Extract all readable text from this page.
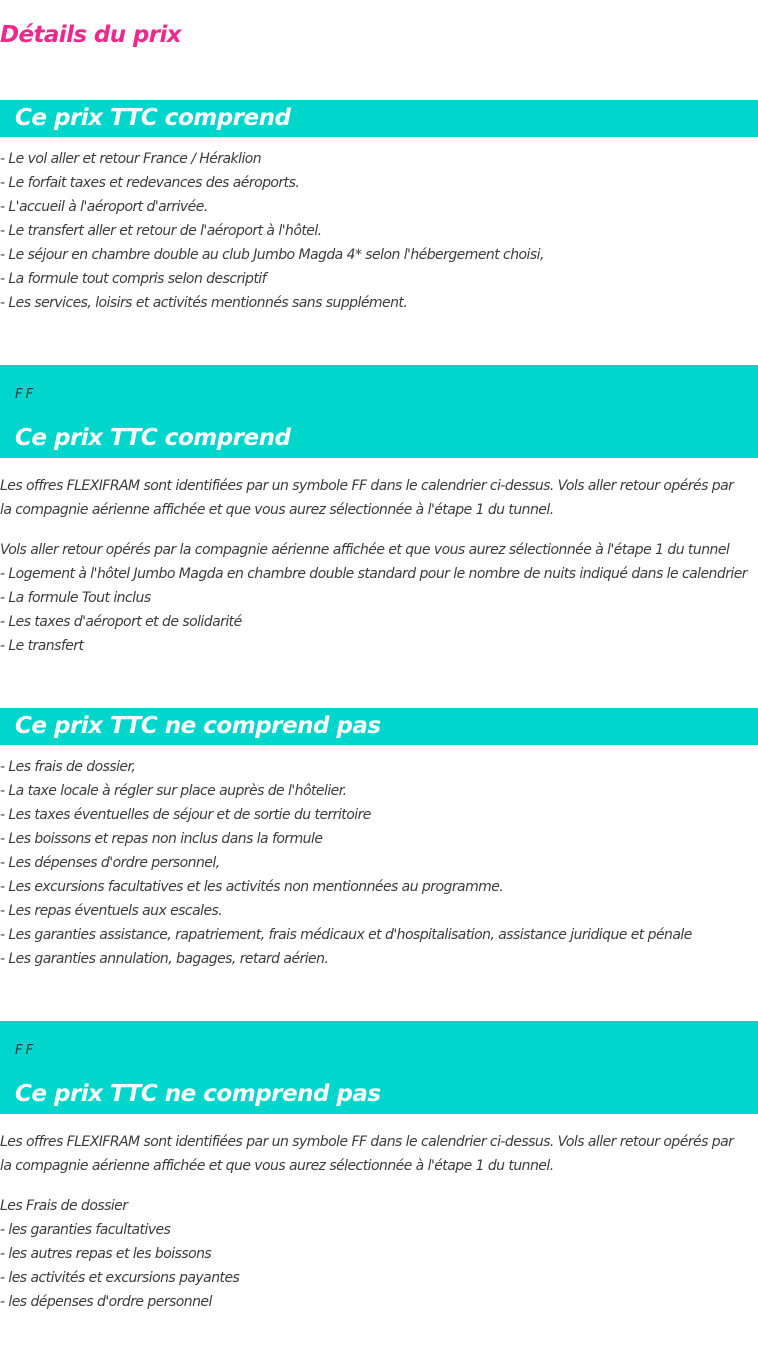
Détails du prix
Ce prix TTC comprend
- Le vol aller et retour France / Héraklion
- Le forfait taxes et redevances des aéroports.
- L'accueil à l'aéroport d'arrivée.
- Le transfert aller et retour de l'aéroport à l'hôtel.
- Le séjour en chambre double au club Jumbo Magda 4* selon l'hébergement choisi,
- La formule tout compris selon descriptif
- Les services, loisirs et activités mentionnés sans supplément.
F F
Ce prix TTC comprend

Les offres FLEXIFRAM sont identifiées par un symbole FF dans le calendrier ci-dessus. Vols aller retour opérés par la compagnie aérienne affichée et que vous aurez sélectionnée à l'étape 1 du tunnel.

Vols aller retour opérés par la compagnie aérienne affichée et que vous aurez sélectionnée à l'étape 1 du tunnel
- Logement à l'hôtel Jumbo Magda en chambre double standard pour le nombre de nuits indiqué dans le calendrier
- La formule Tout inclus
- Les taxes d'aéroport et de solidarité
- Le transfert
Ce prix TTC ne comprend pas
- Les frais de dossier,
- La taxe locale à régler sur place auprès de l'hôtelier.
- Les taxes éventuelles de séjour et de sortie du territoire
- Les boissons et repas non inclus dans la formule
- Les dépenses d'ordre personnel,
- Les excursions facultatives et les activités non mentionnées au programme.
- Les repas éventuels aux escales.
- Les garanties assistance, rapatriement, frais médicaux et d'hospitalisation, assistance juridique et pénale
- Les garanties annulation, bagages, retard aérien.
F F
Ce prix TTC ne comprend pas

Les offres FLEXIFRAM sont identifiées par un symbole FF dans le calendrier ci-dessus. Vols aller retour opérés par la compagnie aérienne affichée et que vous aurez sélectionnée à l'étape 1 du tunnel.

Les Frais de dossier
- les garanties facultatives
- les autres repas et les boissons
- les activités et excursions payantes
- les dépenses d'ordre personnel
